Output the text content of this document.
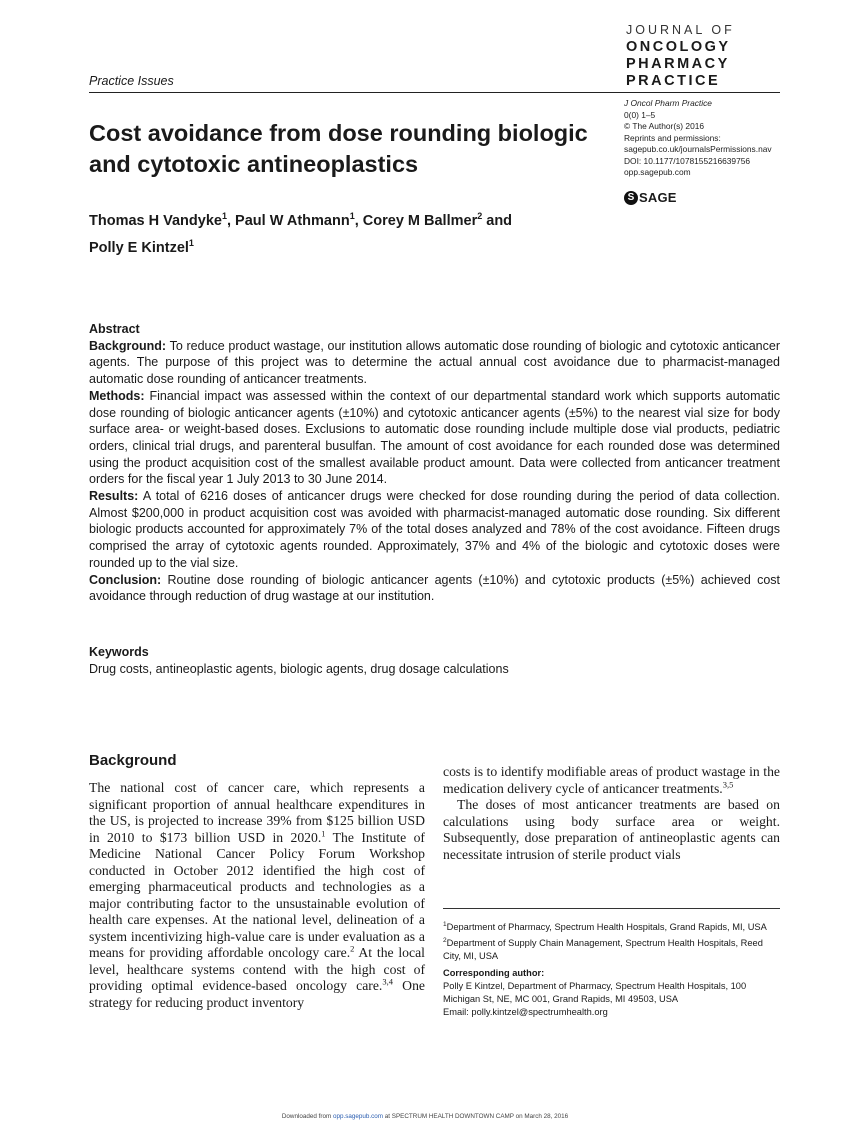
Practice Issues
JOURNAL OF
ONCOLOGY
PHARMACY
PRACTICE
J Oncol Pharm Practice
0(0) 1–5
© The Author(s) 2016
Reprints and permissions:
sagepub.co.uk/journalsPermissions.nav
DOI: 10.1177/1078155216639756
opp.sagepub.com
S SAGE
Cost avoidance from dose rounding biologic and cytotoxic antineoplastics

Thomas H Vandyke$^1$, Paul W Athmann$^1$, Corey M Ballmer$^2$ and
Polly E Kintzel$^1$

Abstract

Background: To reduce product wastage, our institution allows automatic dose rounding of biologic and cytotoxic anticancer agents. The purpose of this project was to determine the actual annual cost avoidance due to pharmacist-managed automatic dose rounding of anticancer treatments.

Methods: Financial impact was assessed within the context of our departmental standard work which supports automatic dose rounding of biologic anticancer agents (±10%) and cytotoxic anticancer agents (±5%) to the nearest vial size for body surface area- or weight-based doses. Exclusions to automatic dose rounding include multiple dose vial products, pediatric orders, clinical trial drugs, and parenteral busulfan. The amount of cost avoidance for each rounded dose was determined using the product acquisition cost of the smallest available product amount. Data were collected from anticancer treatment orders for the fiscal year 1 July 2013 to 30 June 2014.

Results: A total of 6216 doses of anticancer drugs were checked for dose rounding during the period of data collection. Almost $200,000 in product acquisition cost was avoided with pharmacist-managed automatic dose rounding. Six different biologic products accounted for approximately 7% of the total doses analyzed and 78% of the cost avoidance. Fifteen drugs comprised the array of cytotoxic agents rounded. Approximately, 37% and 4% of the biologic and cytotoxic doses were rounded up to the vial size.

Conclusion: Routine dose rounding of biologic anticancer agents (±10%) and cytotoxic products (±5%) achieved cost avoidance through reduction of drug wastage at our institution.

Keywords

Drug costs, antineoplastic agents, biologic agents, drug dosage calculations

Background

The national cost of cancer care, which represents a significant proportion of annual healthcare expenditures in the US, is projected to increase 39% from $125 billion USD in 2010 to $173 billion USD in 2020.$^1$ The Institute of Medicine National Cancer Policy Forum Workshop conducted in October 2012 identified the high cost of emerging pharmaceutical products and technologies as a major contributing factor to the unsustainable evolution of health care expenses. At the national level, delineation of a system incentivizing high-value care is under evaluation as a means for providing affordable oncology care.$^2$ At the local level, healthcare systems contend with the high cost of providing optimal evidence-based oncology care.$^{3,4}$ One strategy for reducing product inventory

costs is to identify modifiable areas of product wastage in the medication delivery cycle of anticancer treatments.$^{3,5}$

The doses of most anticancer treatments are based on calculations using body surface area or weight. Subsequently, dose preparation of antineoplastic agents can necessitate intrusion of sterile product vials

$^1$Department of Pharmacy, Spectrum Health Hospitals, Grand Rapids, MI, USA

$^2$Department of Supply Chain Management, Spectrum Health Hospitals, Reed City, MI, USA

Corresponding author:

Polly E Kintzel, Department of Pharmacy, Spectrum Health Hospitals, 100 Michigan St, NE, MC 001, Grand Rapids, MI 49503, USA

Email: polly.kintzel@spectrumhealth.org

Downloaded from opp.sagepub.com at SPECTRUM HEALTH DOWNTOWN CAMP on March 28, 2016
